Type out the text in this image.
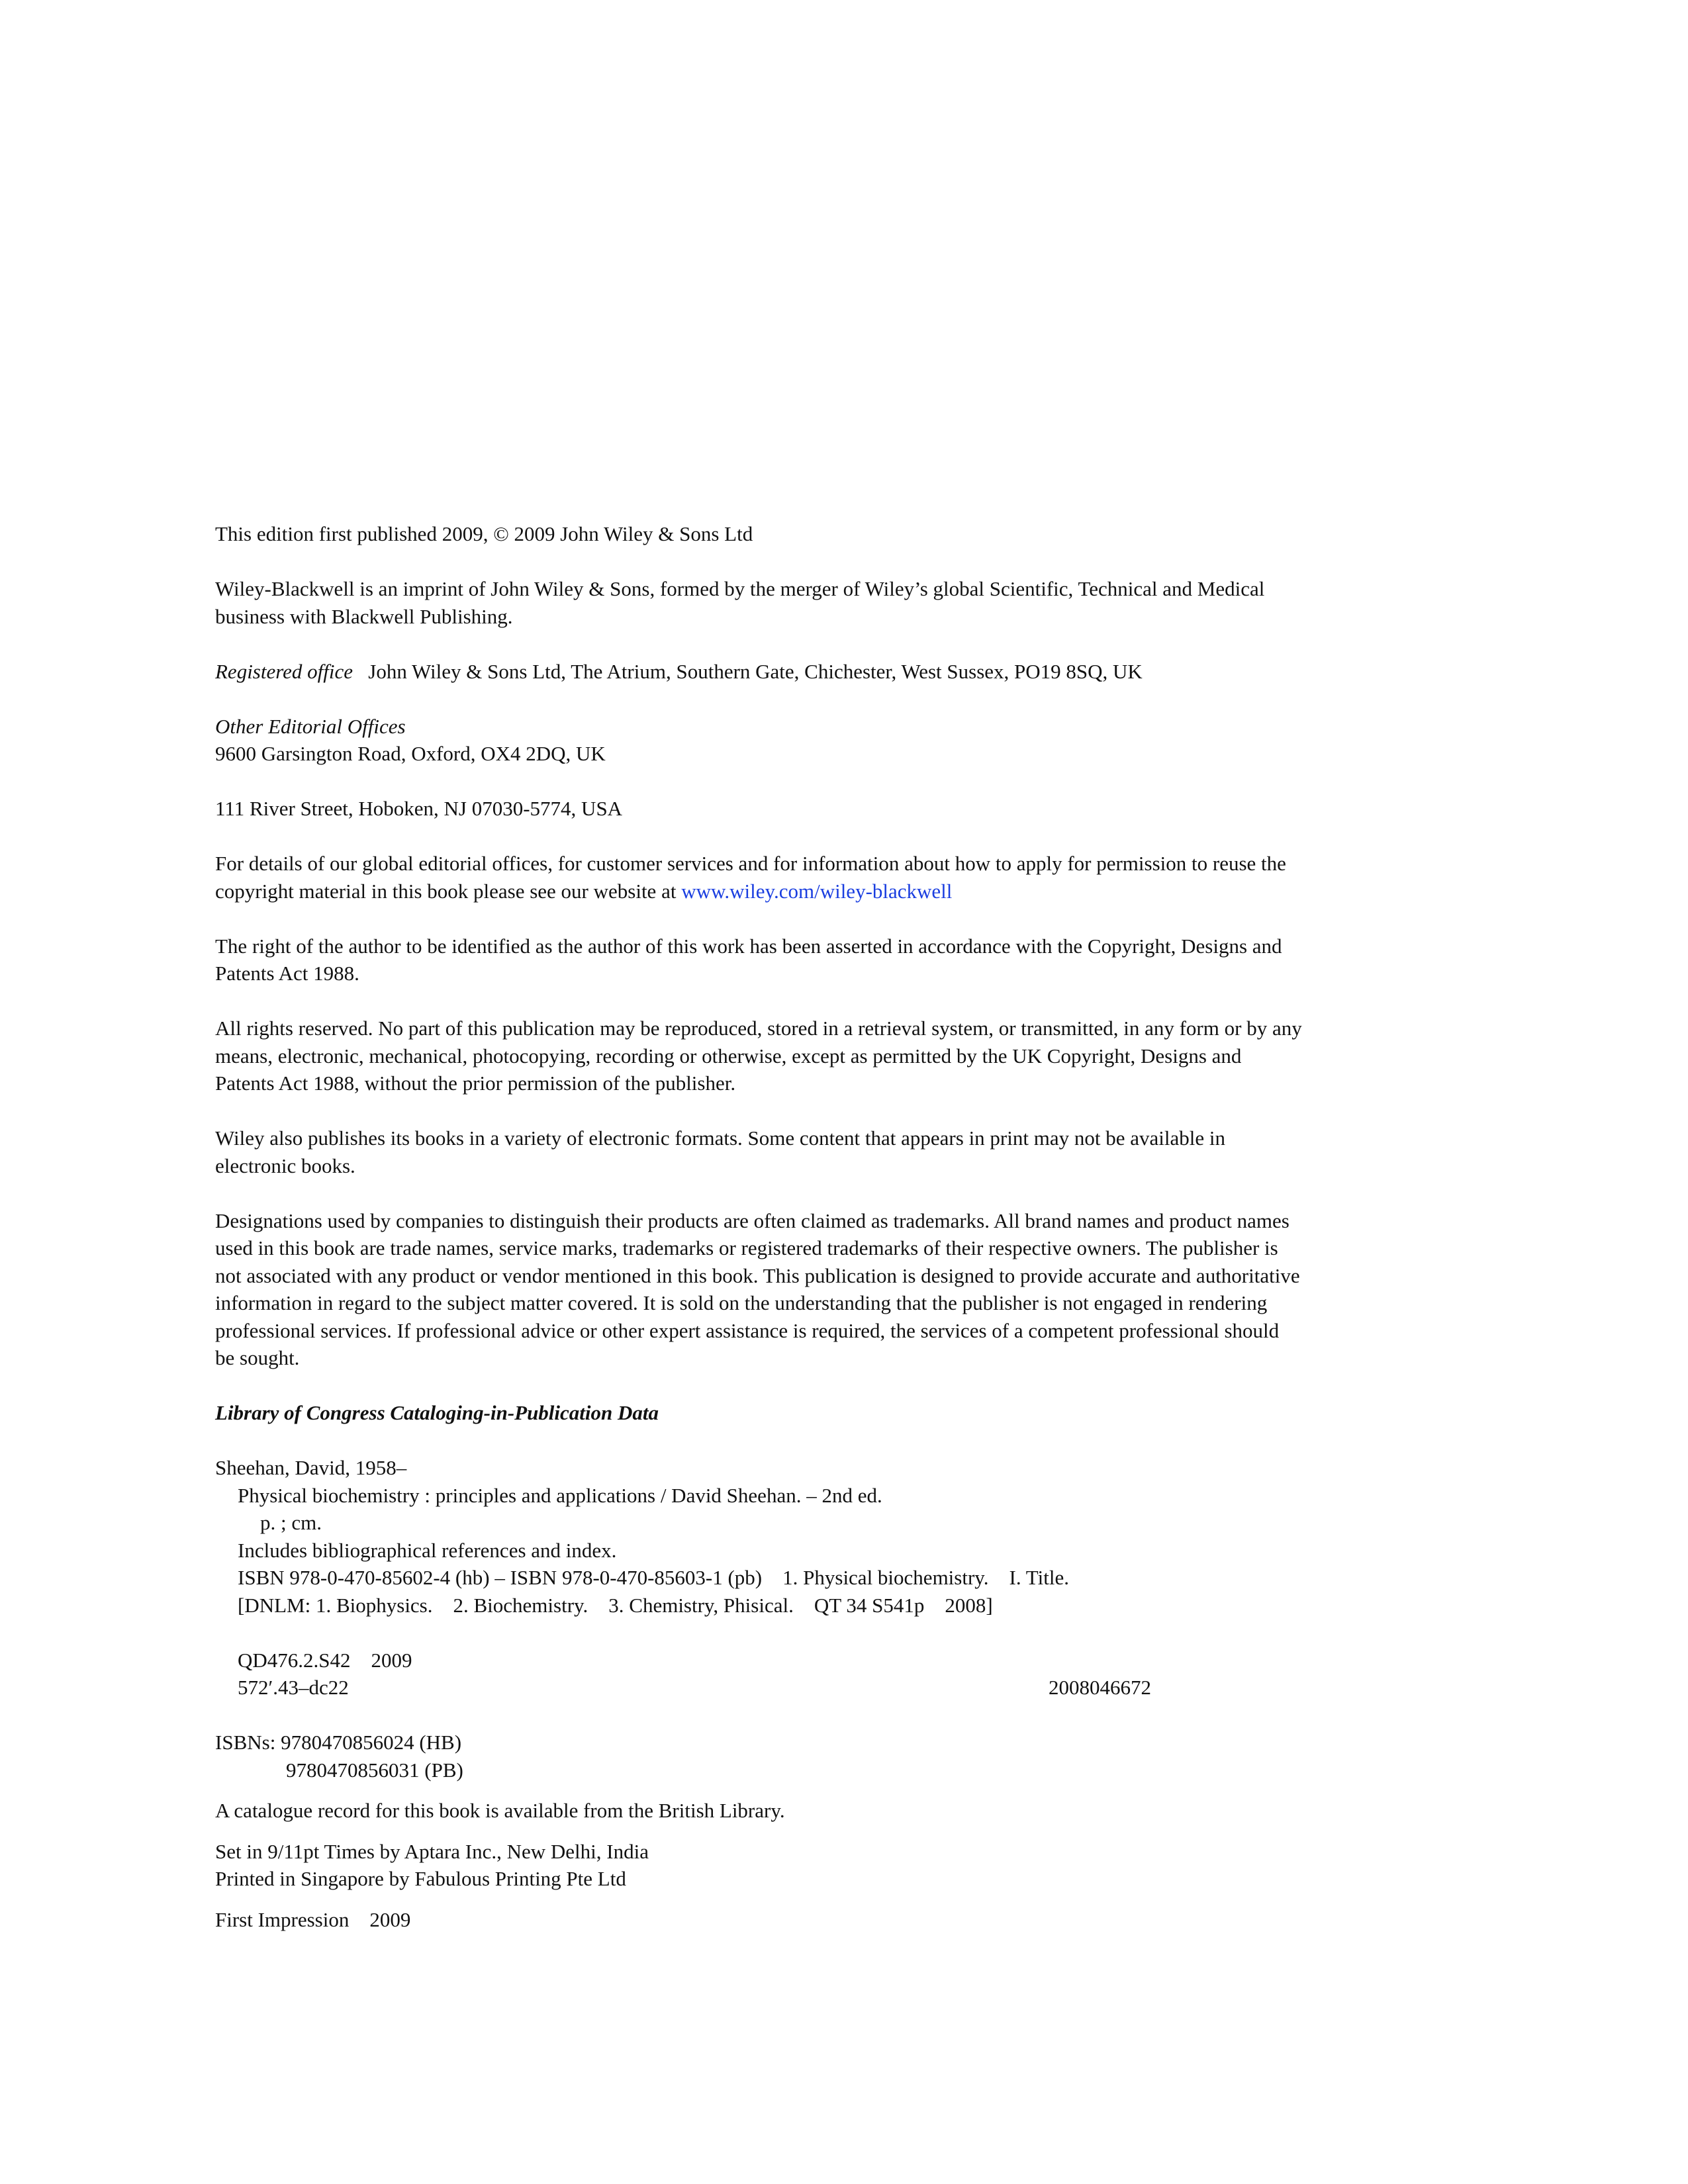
This edition first published 2009, © 2009 John Wiley & Sons Ltd

Wiley-Blackwell is an imprint of John Wiley & Sons, formed by the merger of Wiley’s global Scientific, Technical and Medical

business with Blackwell Publishing.

Registered office John Wiley & Sons Ltd, The Atrium, Southern Gate, Chichester, West Sussex, PO19 8SQ, UK

Other Editorial Offices

9600 Garsington Road, Oxford, OX4 2DQ, UK

111 River Street, Hoboken, NJ 07030-5774, USA

For details of our global editorial offices, for customer services and for information about how to apply for permission to reuse the

copyright material in this book please see our website at www.wiley.com/wiley-blackwell

The right of the author to be identified as the author of this work has been asserted in accordance with the Copyright, Designs and

Patents Act 1988.

All rights reserved. No part of this publication may be reproduced, stored in a retrieval system, or transmitted, in any form or by any

means, electronic, mechanical, photocopying, recording or otherwise, except as permitted by the UK Copyright, Designs and

Patents Act 1988, without the prior permission of the publisher.

Wiley also publishes its books in a variety of electronic formats. Some content that appears in print may not be available in

electronic books.

Designations used by companies to distinguish their products are often claimed as trademarks. All brand names and product names

used in this book are trade names, service marks, trademarks or registered trademarks of their respective owners. The publisher is

not associated with any product or vendor mentioned in this book. This publication is designed to provide accurate and authoritative

information in regard to the subject matter covered. It is sold on the understanding that the publisher is not engaged in rendering

professional services. If professional advice or other expert assistance is required, the services of a competent professional should

be sought.

Library of Congress Cataloging-in-Publication Data

Sheehan, David, 1958–

Physical biochemistry : principles and applications / David Sheehan. – 2nd ed.

p. ; cm.

Includes bibliographical references and index.

ISBN 978-0-470-85602-4 (hb) – ISBN 978-0-470-85603-1 (pb)    1. Physical biochemistry.    I. Title.

[DNLM: 1. Biophysics.    2. Biochemistry.    3. Chemistry, Phisical.    QT 34 S541p    2008]

QD476.2.S42    2009

572′.43–dc22	2008046672

ISBNs: 9780470856024 (HB)

9780470856031 (PB)

A catalogue record for this book is available from the British Library.

Set in 9/11pt Times by Aptara Inc., New Delhi, India

Printed in Singapore by Fabulous Printing Pte Ltd

First Impression    2009
